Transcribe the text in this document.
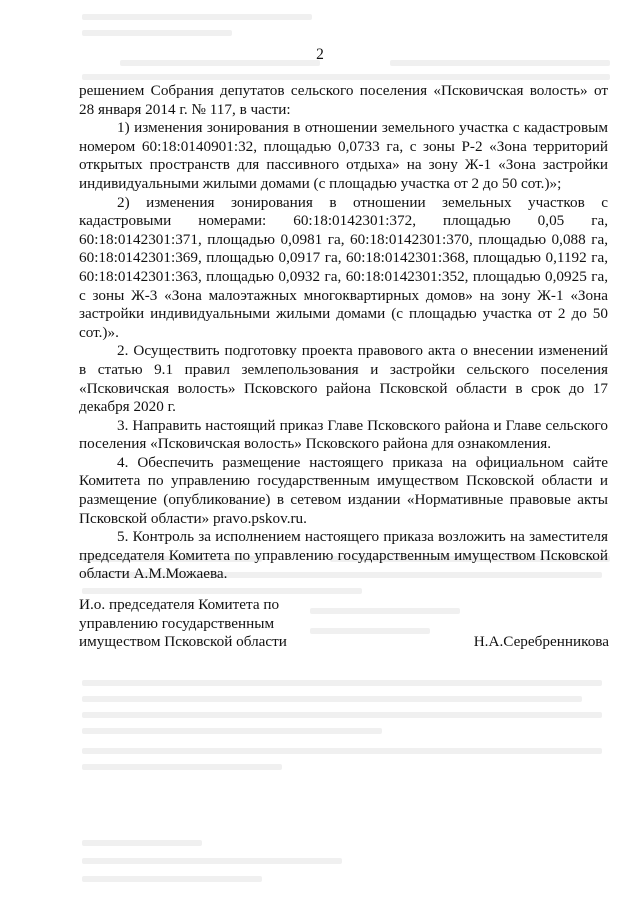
2

решением Собрания депутатов сельского поселения «Псковичская волость» от 28 января 2014 г. № 117, в части:

1) изменения зонирования в отношении земельного участка с кадастровым номером 60:18:0140901:32, площадью 0,0733 га, с зоны Р-2 «Зона территорий открытых пространств для пассивного отдыха» на зону Ж-1 «Зона застройки индивидуальными жилыми домами (с площадью участка от 2 до 50 сот.)»;

2) изменения зонирования в отношении земельных участков с кадастровыми номерами: 60:18:0142301:372, площадью 0,05 га, 60:18:0142301:371, площадью 0,0981 га, 60:18:0142301:370, площадью 0,088 га, 60:18:0142301:369, площадью 0,0917 га, 60:18:0142301:368, площадью 0,1192 га, 60:18:0142301:363, площадью 0,0932 га, 60:18:0142301:352, площадью 0,0925 га, с зоны Ж-3 «Зона малоэтажных многоквартирных домов» на зону Ж-1 «Зона застройки индивидуальными жилыми домами (с площадью участка от 2 до 50 сот.)».

2. Осуществить подготовку проекта правового акта о внесении изменений в статью 9.1 правил землепользования и застройки сельского поселения «Псковичская волость» Псковского района Псковской области в срок до 17 декабря 2020 г.

3. Направить настоящий приказ Главе Псковского района и Главе сельского поселения «Псковичская волость» Псковского района для ознакомления.

4. Обеспечить размещение настоящего приказа на официальном сайте Комитета по управлению государственным имуществом Псковской области и размещение (опубликование) в сетевом издании «Нормативные правовые акты Псковской области» pravo.pskov.ru.

5. Контроль за исполнением настоящего приказа возложить на заместителя председателя Комитета по управлению государственным имуществом Псковской области А.М.Можаева.

И.о. председателя Комитета по
управлению государственным
имуществом Псковской области	Н.А.Серебренникова
